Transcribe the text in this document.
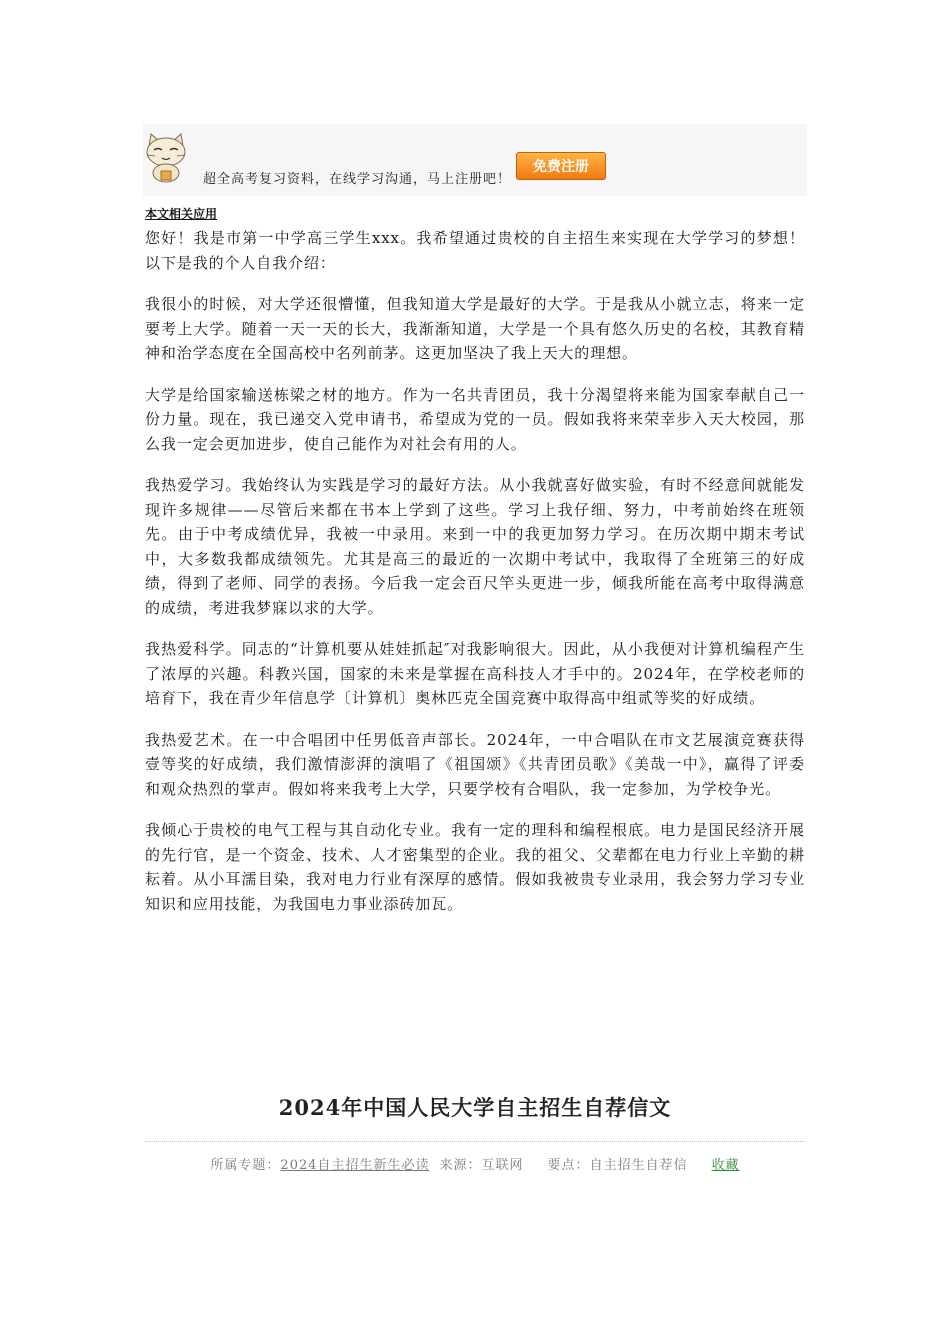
超全高考复习资料，在线学习沟通，马上注册吧！
免费注册
本文相关应用

您好！我是市第一中学高三学生xxx。我希望通过贵校的自主招生来实现在大学学习的梦想！以下是我的个人自我介绍：

我很小的时候，对大学还很懵懂，但我知道大学是最好的大学。于是我从小就立志，将来一定要考上大学。随着一天一天的长大，我渐渐知道，大学是一个具有悠久历史的名校，其教育精神和治学态度在全国高校中名列前茅。这更加坚决了我上天大的理想。

大学是给国家输送栋梁之材的地方。作为一名共青团员，我十分渴望将来能为国家奉献自己一份力量。现在，我已递交入党申请书，希望成为党的一员。假如我将来荣幸步入天大校园，那么我一定会更加进步，使自己能作为对社会有用的人。

我热爱学习。我始终认为实践是学习的最好方法。从小我就喜好做实验，有时不经意间就能发现许多规律——尽管后来都在书本上学到了这些。学习上我仔细、努力，中考前始终在班领先。由于中考成绩优异，我被一中录用。来到一中的我更加努力学习。在历次期中期末考试中，大多数我都成绩领先。尤其是高三的最近的一次期中考试中，我取得了全班第三的好成绩，得到了老师、同学的表扬。今后我一定会百尺竿头更进一步，倾我所能在高考中取得满意的成绩，考进我梦寐以求的大学。

我热爱科学。同志的“计算机要从娃娃抓起″对我影响很大。因此，从小我便对计算机编程产生了浓厚的兴趣。科教兴国，国家的未来是掌握在高科技人才手中的。2024年，在学校老师的培育下，我在青少年信息学〔计算机〕奥林匹克全国竞赛中取得高中组贰等奖的好成绩。

我热爱艺术。在一中合唱团中任男低音声部长。2024年，一中合唱队在市文艺展演竞赛获得壹等奖的好成绩，我们激情澎湃的演唱了《祖国颂》《共青团员歌》《美哉一中》，赢得了评委和观众热烈的掌声。假如将来我考上大学，只要学校有合唱队，我一定参加，为学校争光。

我倾心于贵校的电气工程与其自动化专业。我有一定的理科和编程根底。电力是国民经济开展的先行官，是一个资金、技术、人才密集型的企业。我的祖父、父辈都在电力行业上辛勤的耕耘着。从小耳濡目染，我对电力行业有深厚的感情。假如我被贵专业录用，我会努力学习专业知识和应用技能，为我国电力事业添砖加瓦。

2024年中国人民大学自主招生自荐信文
所属专题：2024自主招生新生必读 来源：互联网 要点：自主招生自荐信 收藏
